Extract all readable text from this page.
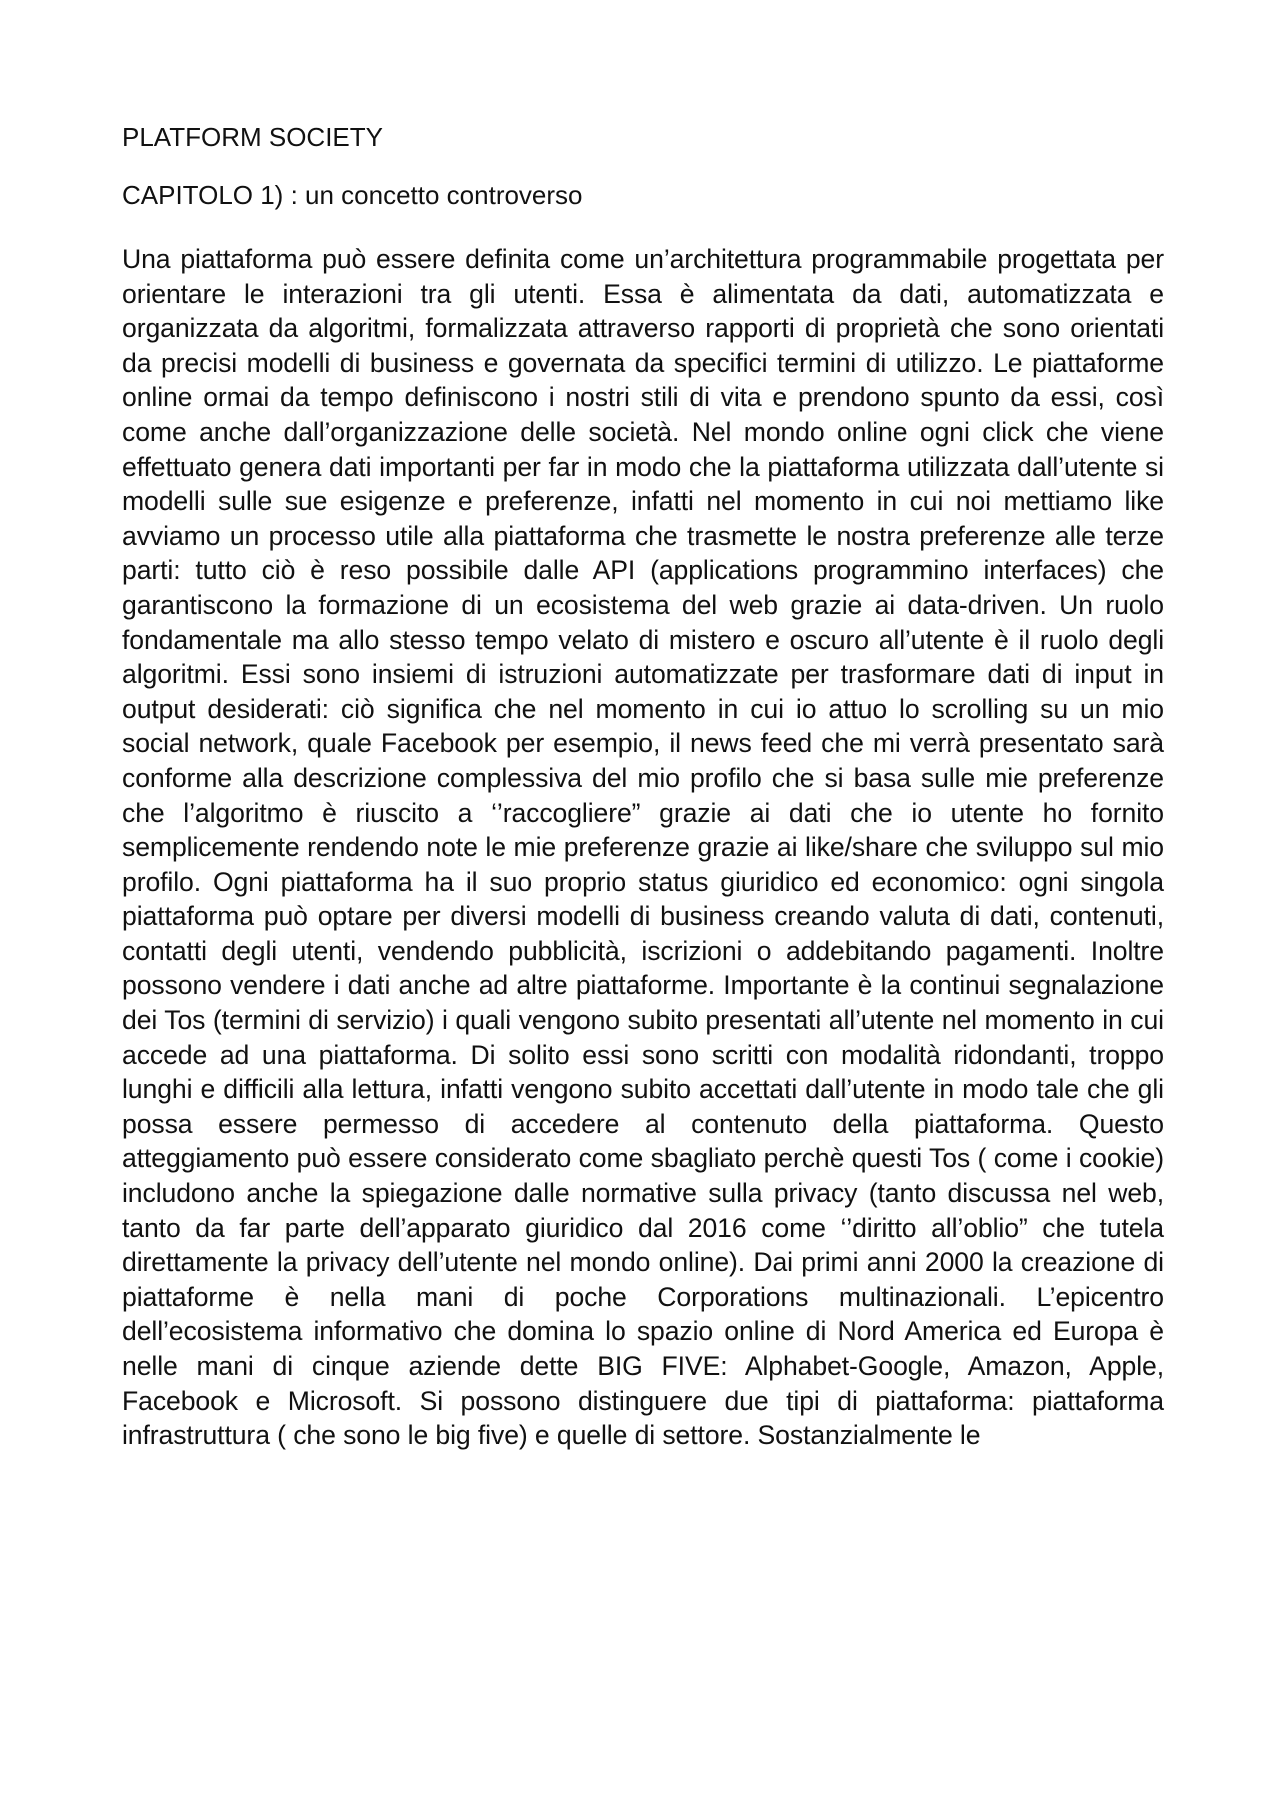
PLATFORM SOCIETY
CAPITOLO 1) : un concetto controverso

Una piattaforma può essere definita come un’architettura programmabile progettata per orientare le interazioni tra gli utenti. Essa è alimentata da dati, automatizzata e organizzata da algoritmi, formalizzata attraverso rapporti di proprietà che sono orientati da precisi modelli di business e governata da specifici termini di utilizzo. Le piattaforme online ormai da tempo definiscono i nostri stili di vita e prendono spunto da essi, così come anche dall’organizzazione delle società. Nel mondo online ogni click che viene effettuato genera dati importanti per far in modo che la piattaforma utilizzata dall’utente si modelli sulle sue esigenze e preferenze, infatti nel momento in cui noi mettiamo like avviamo un processo utile alla piattaforma che trasmette le nostra preferenze alle terze parti: tutto ciò è reso possibile dalle API (applications programmino interfaces) che garantiscono la formazione di un ecosistema del web grazie ai data-driven. Un ruolo fondamentale ma allo stesso tempo velato di mistero e oscuro all’utente è il ruolo degli algoritmi. Essi sono insiemi di istruzioni automatizzate per trasformare dati di input in output desiderati: ciò significa che nel momento in cui io attuo lo scrolling su un mio social network, quale Facebook per esempio, il news feed che mi verrà presentato sarà conforme alla descrizione complessiva del mio profilo che si basa sulle mie preferenze che l’algoritmo è riuscito a ‘’raccogliere” grazie ai dati che io utente ho fornito semplicemente rendendo note le mie preferenze grazie ai like/share che sviluppo sul mio profilo. Ogni piattaforma ha il suo proprio status giuridico ed economico: ogni singola piattaforma può optare per diversi modelli di business creando valuta di dati, contenuti, contatti degli utenti, vendendo pubblicità, iscrizioni o addebitando pagamenti. Inoltre possono vendere i dati anche ad altre piattaforme. Importante è la continui segnalazione dei Tos (termini di servizio) i quali vengono subito presentati all’utente nel momento in cui accede ad una piattaforma. Di solito essi sono scritti con modalità ridondanti, troppo lunghi e difficili alla lettura, infatti vengono subito accettati dall’utente in modo tale che gli possa essere permesso di accedere al contenuto della piattaforma. Questo atteggiamento può essere considerato come sbagliato perchè questi Tos ( come i cookie) includono anche la spiegazione dalle normative sulla privacy (tanto discussa nel web, tanto da far parte dell’apparato giuridico dal 2016 come ‘’diritto all’oblio” che tutela direttamente la privacy dell’utente nel mondo online). Dai primi anni 2000 la creazione di piattaforme è nella mani di poche Corporations multinazionali. L’epicentro dell’ecosistema informativo che domina lo spazio online di Nord America ed Europa è nelle mani di cinque aziende dette BIG FIVE: Alphabet-Google, Amazon, Apple, Facebook e Microsoft. Si possono distinguere due tipi di piattaforma: piattaforma infrastruttura ( che sono le big five) e quelle di settore. Sostanzialmente le
